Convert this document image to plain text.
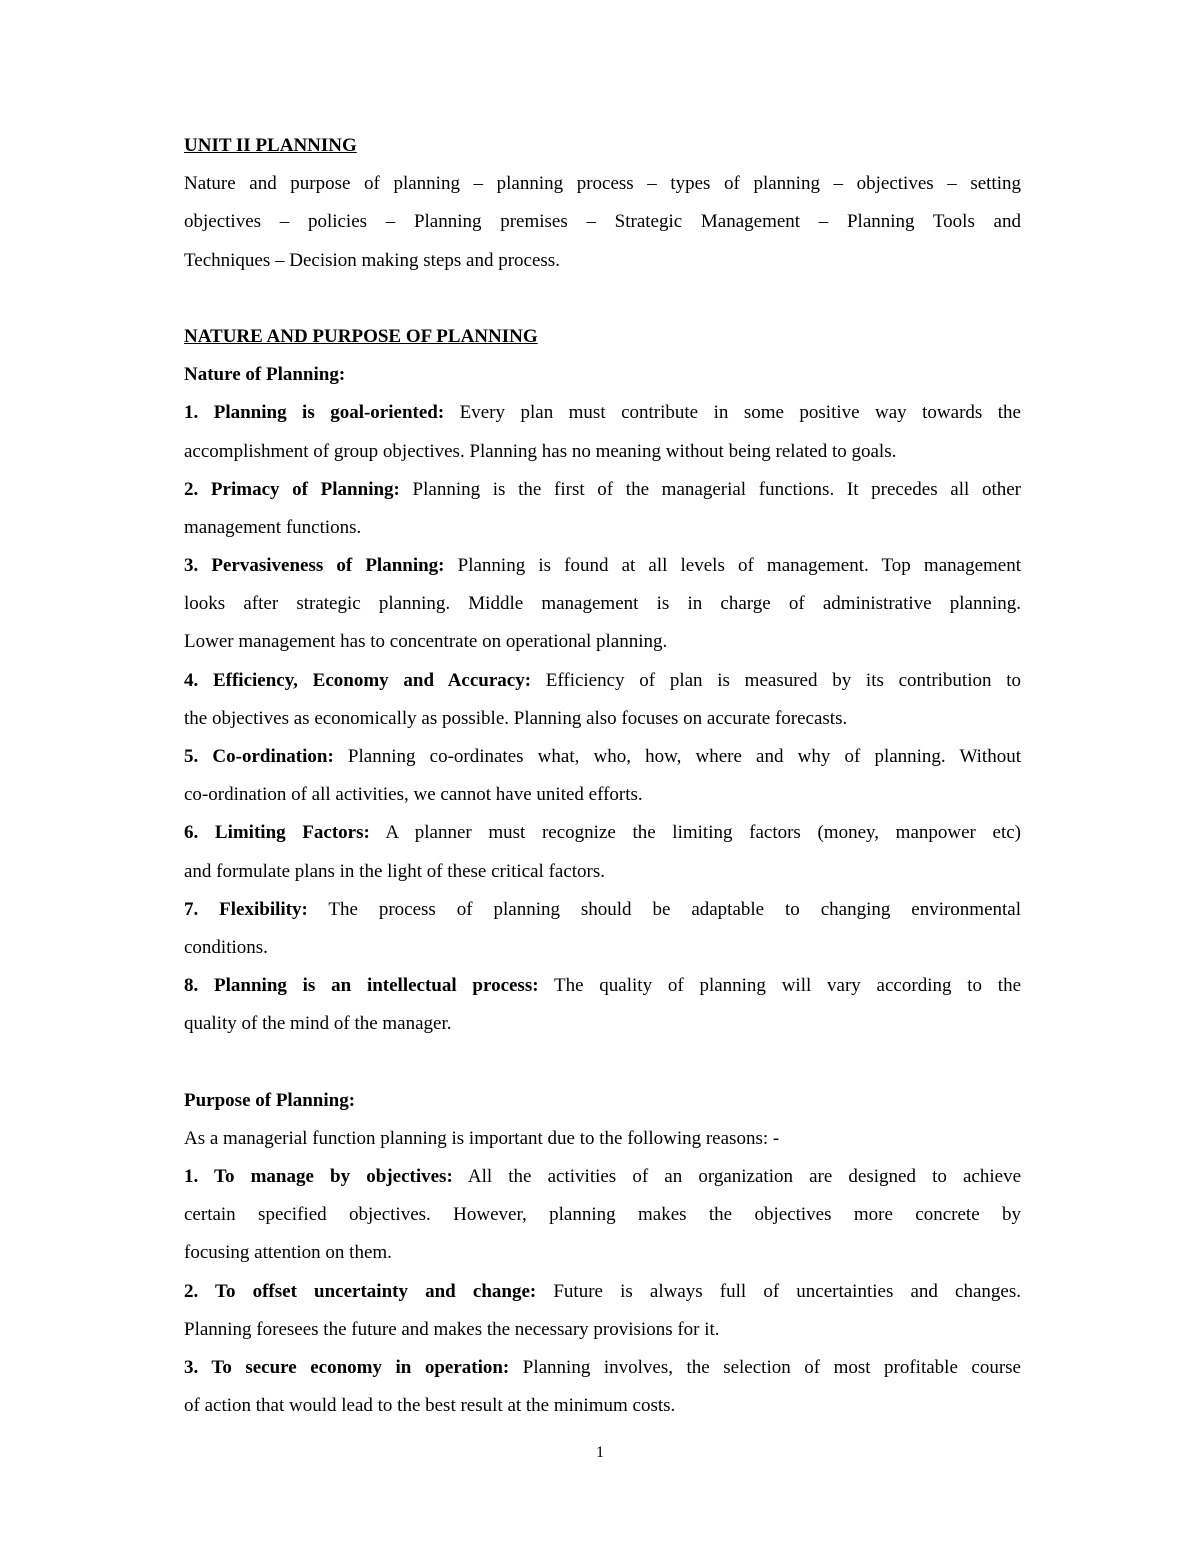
UNIT II PLANNING
Nature and purpose of planning – planning process – types of planning – objectives – setting
objectives – policies – Planning premises – Strategic Management – Planning Tools and
Techniques – Decision making steps and process.
NATURE AND PURPOSE OF PLANNING
Nature of Planning:
1. Planning is goal-oriented: Every plan must contribute in some positive way towards the
accomplishment of group objectives. Planning has no meaning without being related to goals.
2. Primacy of Planning: Planning is the first of the managerial functions. It precedes all other
management functions.
3. Pervasiveness of Planning: Planning is found at all levels of management. Top management
looks after strategic planning. Middle management is in charge of administrative planning.
Lower management has to concentrate on operational planning.
4. Efficiency, Economy and Accuracy: Efficiency of plan is measured by its contribution to
the objectives as economically as possible. Planning also focuses on accurate forecasts.
5. Co-ordination: Planning co-ordinates what, who, how, where and why of planning. Without
co-ordination of all activities, we cannot have united efforts.
6. Limiting Factors: A planner must recognize the limiting factors (money, manpower etc)
and formulate plans in the light of these critical factors.
7. Flexibility: The process of planning should be adaptable to changing environmental
conditions.
8. Planning is an intellectual process: The quality of planning will vary according to the
quality of the mind of the manager.
Purpose of Planning:
As a managerial function planning is important due to the following reasons: -
1. To manage by objectives: All the activities of an organization are designed to achieve
certain specified objectives. However, planning makes the objectives more concrete by
focusing attention on them.
2. To offset uncertainty and change: Future is always full of uncertainties and changes.
Planning foresees the future and makes the necessary provisions for it.
3. To secure economy in operation: Planning involves, the selection of most profitable course
of action that would lead to the best result at the minimum costs.
1
